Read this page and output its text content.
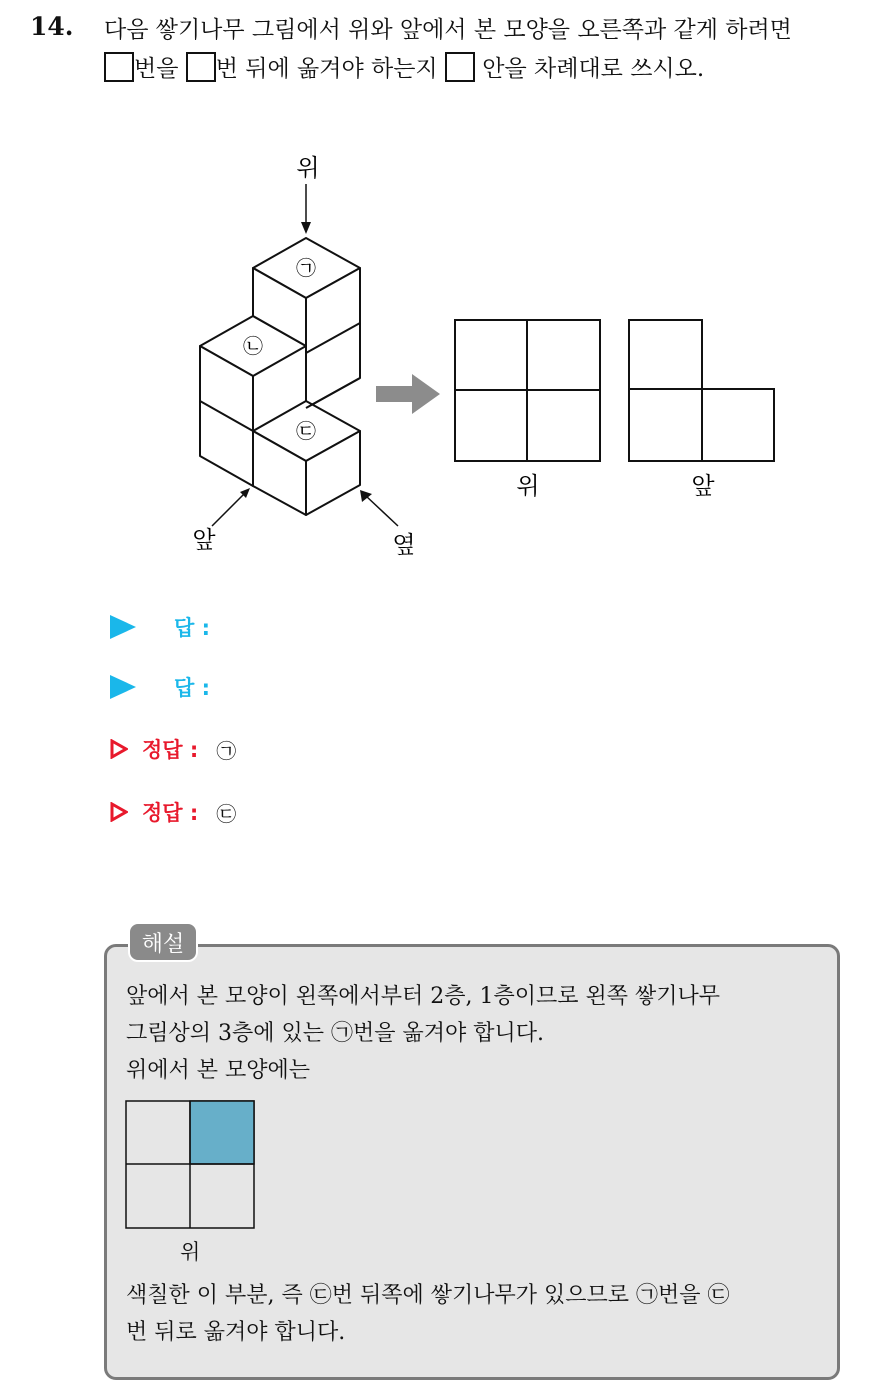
14. 다음 쌓기나무 그림에서 위와 앞에서 본 모양을 오른쪽과 같게 하려면
번을 번 뒤에 옮겨야 하는지 안을 차례대로 쓰시오.
㉠
㉡
㉢
위
앞	옆
위	앞
답 :
답 :
정답 : ㉠
정답 : ㉢
해설
앞에서 본 모양이 왼쪽에서부터 2층, 1층이므로 왼쪽 쌓기나무
그림상의 3층에 있는 ㉠번을 옮겨야 합니다.
위에서 본 모양에는
위
색칠한 이 부분, 즉 ㉢번 뒤쪽에 쌓기나무가 있으므로 ㉠번을 ㉢
번 뒤로 옮겨야 합니다.
